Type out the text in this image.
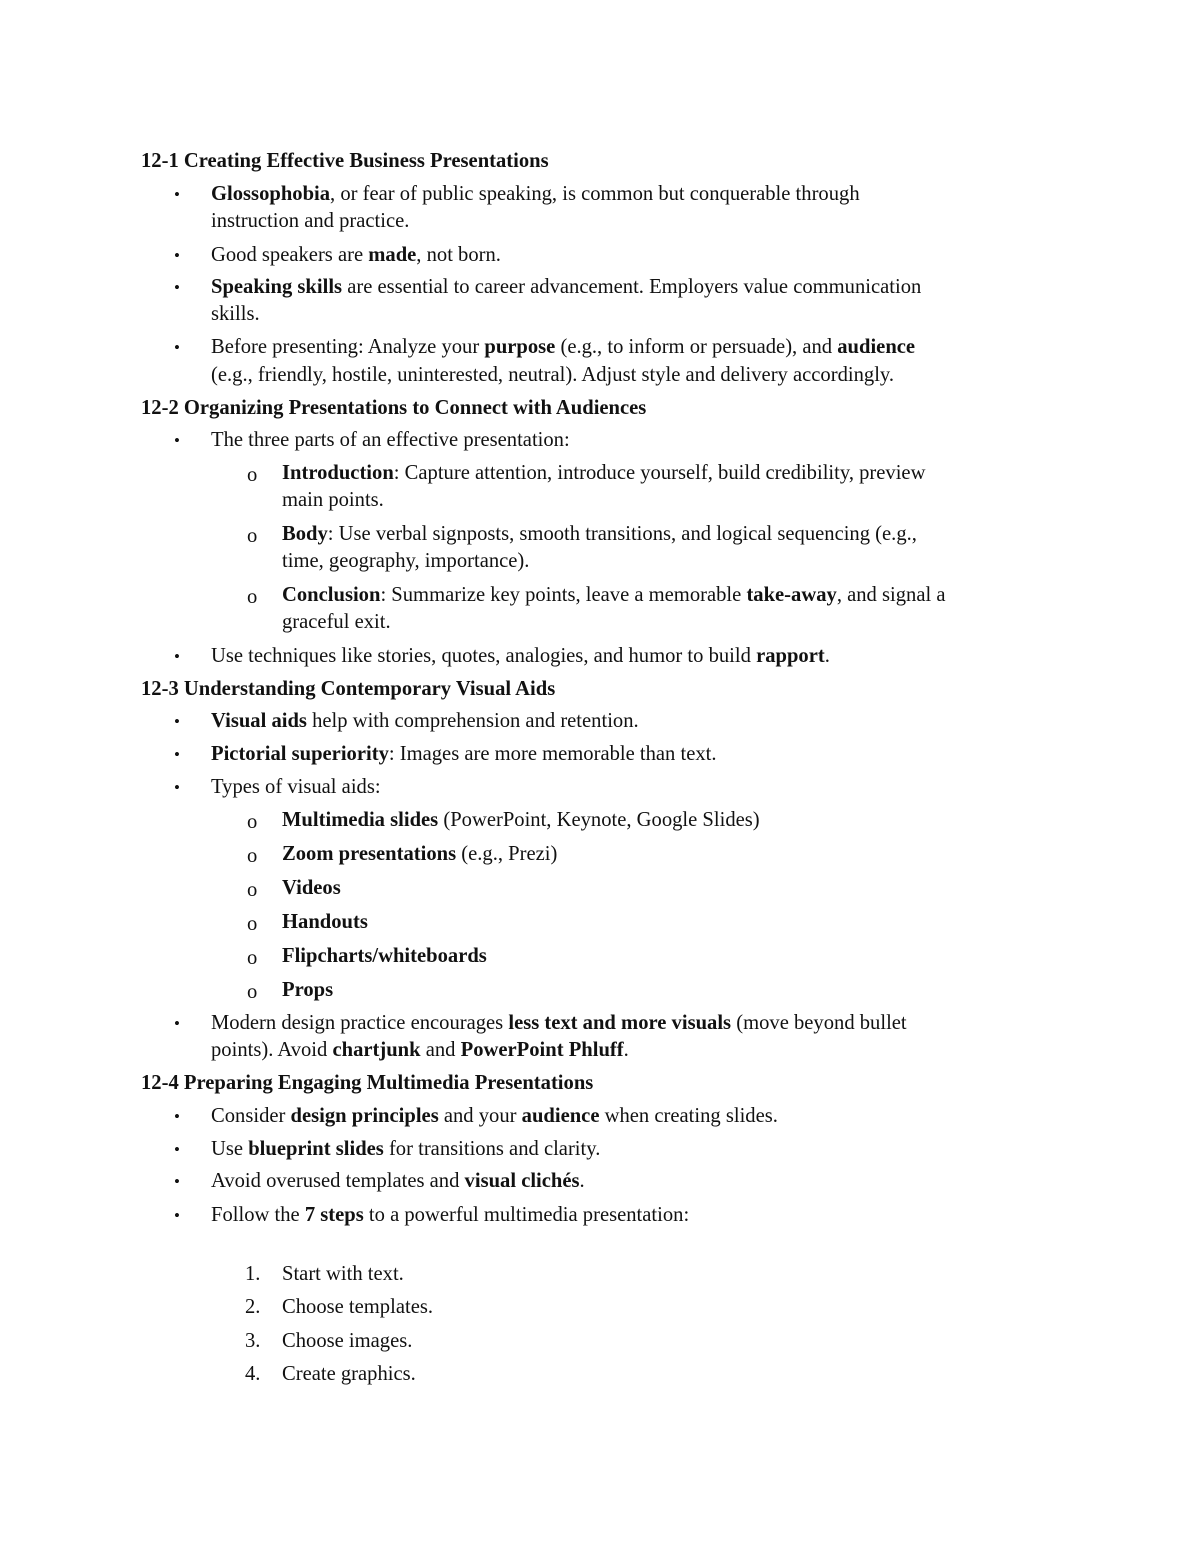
12-1 Creating Effective Business Presentations
• Glossophobia, or fear of public speaking, is common but conquerable through
instruction and practice.
• Good speakers are made, not born.
• Speaking skills are essential to career advancement. Employers value communication
skills.
• Before presenting: Analyze your purpose (e.g., to inform or persuade), and audience
(e.g., friendly, hostile, uninterested, neutral). Adjust style and delivery accordingly.
12-2 Organizing Presentations to Connect with Audiences
• The three parts of an effective presentation:
o Introduction: Capture attention, introduce yourself, build credibility, preview
main points.
o Body: Use verbal signposts, smooth transitions, and logical sequencing (e.g.,
time, geography, importance).
o Conclusion: Summarize key points, leave a memorable take-away, and signal a
graceful exit.
• Use techniques like stories, quotes, analogies, and humor to build rapport.
12-3 Understanding Contemporary Visual Aids
• Visual aids help with comprehension and retention.
• Pictorial superiority: Images are more memorable than text.
• Types of visual aids:
o Multimedia slides (PowerPoint, Keynote, Google Slides)
o Zoom presentations (e.g., Prezi)
o Videos
o Handouts
o Flipcharts/whiteboards
o Props
• Modern design practice encourages less text and more visuals (move beyond bullet
points). Avoid chartjunk and PowerPoint Phluff.
12-4 Preparing Engaging Multimedia Presentations
• Consider design principles and your audience when creating slides.
• Use blueprint slides for transitions and clarity.
• Avoid overused templates and visual clichés.
• Follow the 7 steps to a powerful multimedia presentation:
1. Start with text.
2. Choose templates.
3. Choose images.
4. Create graphics.
